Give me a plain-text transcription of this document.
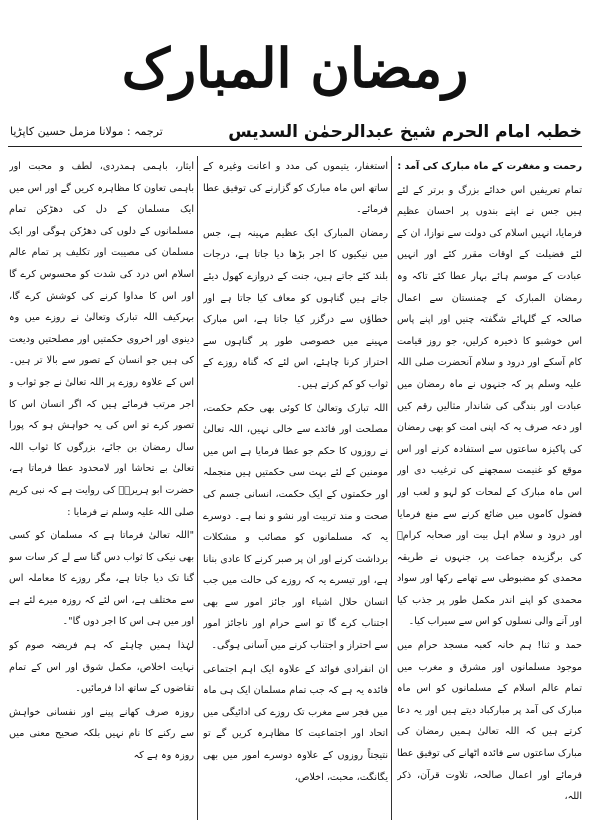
رمضان المبارک
خطبہ امام الحرم شیخ عبدالرحمٰن السدیس
ترجمہ : مولانا مزمل حسین کاپڑیا

رحمت و مغفرت کے ماہ مبارک کی آمد :

تمام تعریفیں اس خدائے بزرگ و برتر کے لئے ہیں جس نے اپنے بندوں پر احسان عظیم فرمایا، انہیں اسلام کی دولت سے نوازا، ان کے لئے فضیلت کے اوقات مقرر کئے اور انہیں عبادت کے موسم ہائے بہار عطا کئے تاکہ وہ رمضان المبارک کے چمنستان سے اعمال صالحہ کے گلہائے شگفتہ چنیں اور اپنے پاس اس خوشبو کا ذخیرہ کرلیں، جو روز قیامت کام آسکے اور درود و سلام آنحضرت صلی اللہ علیہ وسلم پر کہ جنہوں نے ماہ رمضان میں عبادت اور بندگی کی شاندار مثالیں رقم کیں اور دعہ صرف یہ کہ اپنی امت کو بھی رمضان کی پاکیزہ ساعتوں سے استفادہ کرنے اور اس موقع کو غنیمت سمجھنے کی ترغیب دی اور اس ماہ مبارک کے لمحات کو لہو و لعب اور فضول کاموں میں ضائع کرنے سے منع فرمایا اور درود و سلام اہل بیت اور صحابہ کرامؓ کی برگزیدہ جماعت پر، جنہوں نے طریقہ محمدی کو مضبوطی سے تھامے رکھا اور سواد محمدی کو اپنے اندر مکمل طور پر جذب کیا اور آنے والی نسلوں کو اس سے سیراب کیا۔

حمد و ثنا! ہم خانہ کعبہ مسجد حرام میں موجود مسلمانوں اور مشرق و مغرب میں تمام عالم اسلام کے مسلمانوں کو اس ماہ مبارک کی آمد پر مبارکباد دیتے ہیں اور یہ دعا کرتے ہیں کہ اللہ تعالیٰ ہمیں رمضان کی مبارک ساعتوں سے فائدہ اٹھانے کی توفیق عطا فرمائے اور اعمال صالحہ، تلاوت قرآن، ذکر اللہ،

استغفار، یتیموں کی مدد و اعانت وغیرہ کے ساتھ اس ماہ مبارک کو گزارنے کی توفیق عطا فرمائے۔

رمضان المبارک ایک عظیم مہینہ ہے، جس میں نیکیوں کا اجر بڑھا دیا جاتا ہے، درجات بلند کئے جاتے ہیں، جنت کے دروازے کھول دیئے جاتے ہیں گناہوں کو معاف کیا جاتا ہے اور خطاؤں سے درگزر کیا جاتا ہے، اس مبارک مہینے میں خصوصی طور پر گناہوں سے احتراز کرنا چاہئے، اس لئے کہ گناہ روزے کے ثواب کو کم کرتے ہیں۔

اللہ تبارک وتعالیٰ کا کوئی بھی حکم حکمت، مصلحت اور فائدے سے خالی نہیں، اللہ تعالیٰ نے روزوں کا حکم جو عطا فرمایا ہے اس میں مومنین کے لئے بہت سی حکمتیں ہیں منجملہ اور حکمتوں کے ایک حکمت، انسانی جسم کی صحت و مند تربیت اور نشو و نما ہے۔ دوسرے یہ کہ مسلمانوں کو مصائب و مشکلات برداشت کرنے اور ان پر صبر کرنے کا عادی بنانا ہے، اور تیسرے یہ کہ روزے کی حالت میں جب انسان حلال اشیاء اور جائز امور سے بھی اجتناب کرے گا تو اسے حرام اور ناجائز امور سے احتراز و اجتناب کرنے میں آسانی ہوگی۔

ان انفرادی فوائد کے علاوہ ایک اہم اجتماعی فائدہ یہ ہے کہ جب تمام مسلمان ایک ہی ماہ میں فجر سے مغرب تک روزے کی ادائیگی میں اتحاد اور اجتماعیت کا مظاہرہ کریں گے تو نتیجتاً روزوں کے علاوہ دوسرے امور میں بھی یگانگت، محبت، اخلاص،

ایثار، باہمی ہمدردی، لطف و محبت اور باہمی تعاون کا مظاہرہ کریں گے اور اس میں ایک مسلمان کے دل کی دھڑکن تمام مسلمانوں کے دلوں کی دھڑکن ہوگی اور ایک مسلمان کی مصیبت اور تکلیف پر تمام عالم اسلام اس درد کی شدت کو محسوس کرے گا اور اس کا مداوا کرنے کی کوشش کرے گا، بہرکیف اللہ تبارک وتعالیٰ نے روزے میں وہ دینوی اور اخروی حکمتیں اور مصلحتیں ودیعت کی ہیں جو انسان کے تصور سے بالا تر ہیں۔ اس کے علاوہ روزے پر اللہ تعالیٰ نے جو ثواب و اجر مرتب فرمائے ہیں کہ اگر انسان اس کا تصور کرے تو اس کی یہ خواہش ہو کہ پورا سال رمضان بن جائے، بزرگوں کا ثواب اللہ تعالیٰ بے تحاشا اور لامحدود عطا فرماتا ہے، حضرت ابو ہریرہؓ کی روایت ہے کہ نبی کریم صلی اللہ علیہ وسلم نے فرمایا :

"اللہ تعالیٰ فرماتا ہے کہ مسلمان کو کسی بھی نیکی کا ثواب دس گنا سے لے کر سات سو گنا تک دیا جاتا ہے، مگر روزے کا معاملہ اس سے مختلف ہے، اس لئے کہ روزہ میرے لئے ہے اور میں ہی اس کا اجر دوں گا"۔

لہٰذا ہمیں چاہئے کہ ہم فریضہ صوم کو نہایت اخلاص، مکمل شوق اور اس کے تمام تقاضوں کے ساتھ ادا فرمائیں۔

روزہ صرف کھانے پینے اور نفسانی خواہش سے رکنے کا نام نہیں بلکہ صحیح معنی میں روزہ وہ ہے کہ
